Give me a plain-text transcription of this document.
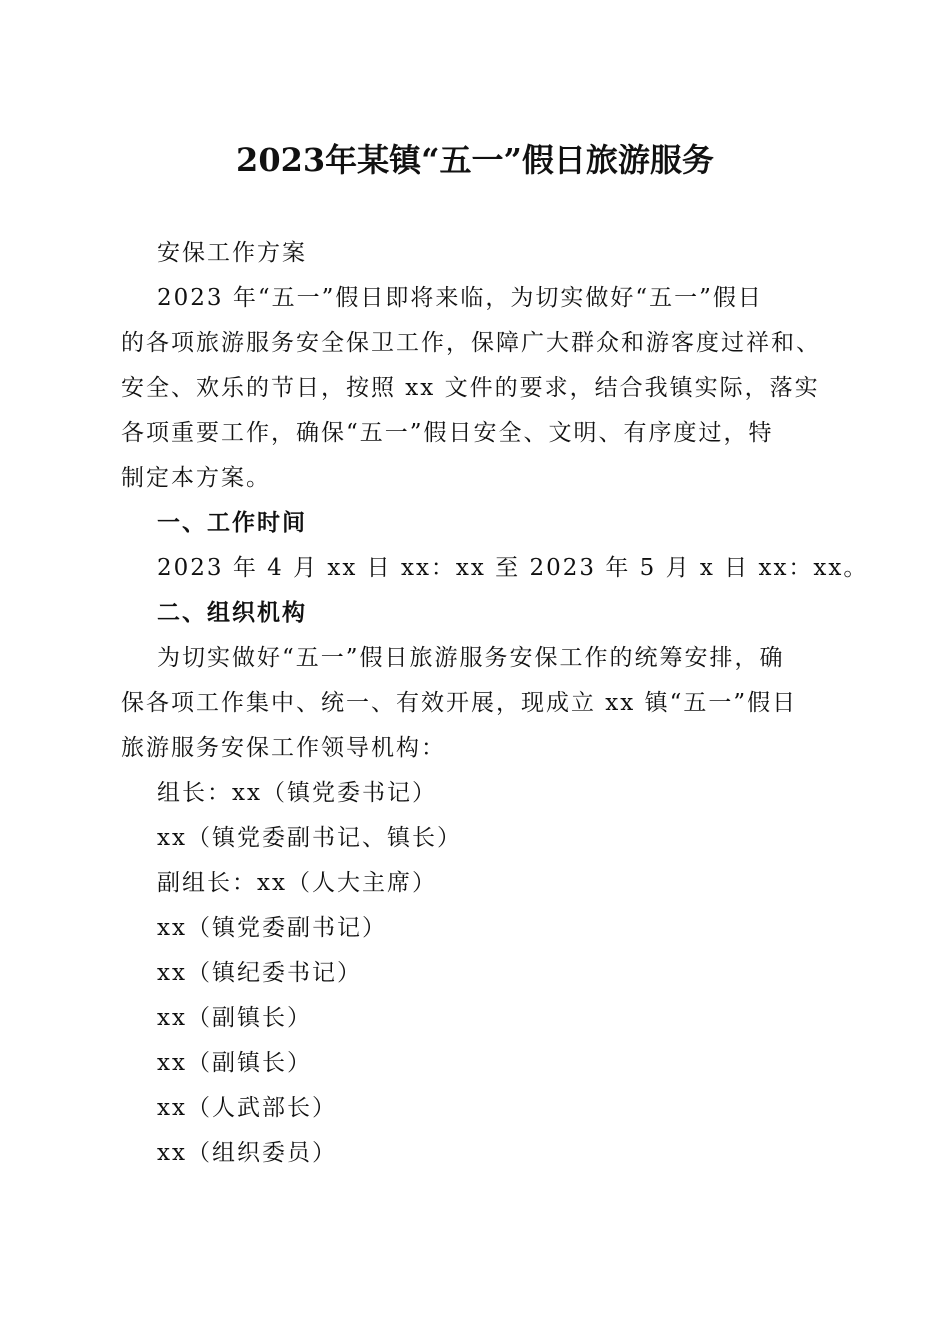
2023年某镇“五一”假日旅游服务
安保工作方案
2023 年“五一”假日即将来临，为切实做好“五一”假日
的各项旅游服务安全保卫工作，保障广大群众和游客度过祥和、
安全、欢乐的节日，按照 xx 文件的要求，结合我镇实际，落实
各项重要工作，确保“五一”假日安全、文明、有序度过，特
制定本方案。
一、工作时间
2023 年 4 月 xx 日 xx：xx 至 2023 年 5 月 x 日 xx：xx。
二、组织机构
为切实做好“五一”假日旅游服务安保工作的统筹安排，确
保各项工作集中、统一、有效开展，现成立 xx 镇“五一”假日
旅游服务安保工作领导机构：
组长：xx（镇党委书记）
xx（镇党委副书记、镇长）
副组长：xx（人大主席）
xx（镇党委副书记）
xx（镇纪委书记）
xx（副镇长）
xx（副镇长）
xx（人武部长）
xx（组织委员）
